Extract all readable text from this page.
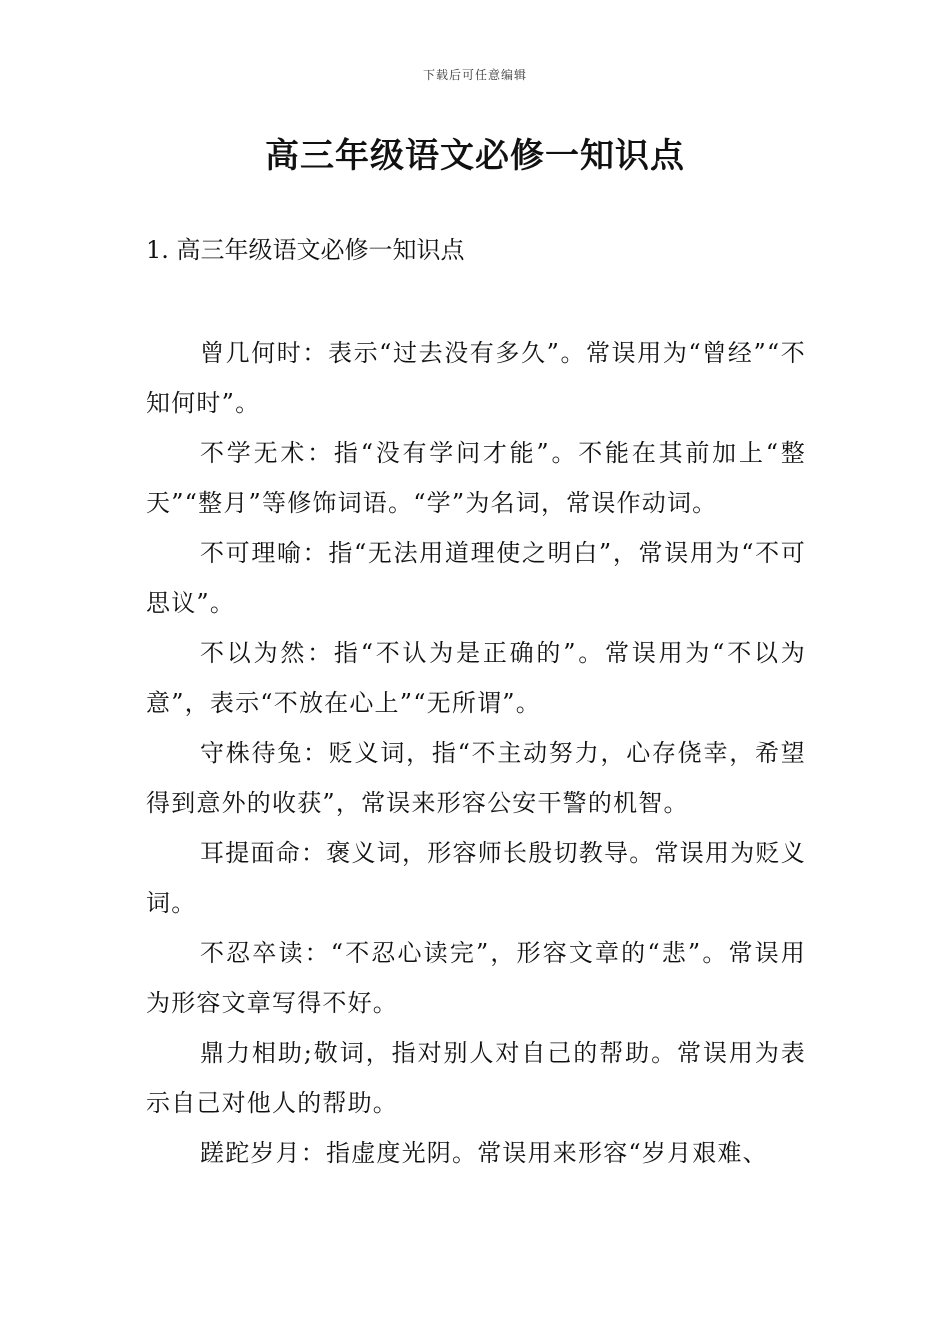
下载后可任意编辑
高三年级语文必修一知识点
1. 高三年级语文必修一知识点

曾几何时：表示“过去没有多久”。常误用为“曾经”“不知何时”。

不学无术：指“没有学问才能”。不能在其前加上“整天”“整月”等修饰词语。“学”为名词，常误作动词。

不可理喻：指“无法用道理使之明白”，常误用为“不可思议”。

不以为然：指“不认为是正确的”。常误用为“不以为意”，表示“不放在心上”“无所谓”。

守株待兔：贬义词，指“不主动努力，心存侥幸，希望得到意外的收获”，常误来形容公安干警的机智。

耳提面命：褒义词，形容师长殷切教导。常误用为贬义词。

不忍卒读：“不忍心读完”，形容文章的“悲”。常误用为形容文章写得不好。

鼎力相助;敬词，指对别人对自己的帮助。常误用为表示自己对他人的帮助。

蹉跎岁月：指虚度光阴。常误用来形容“岁月艰难、
